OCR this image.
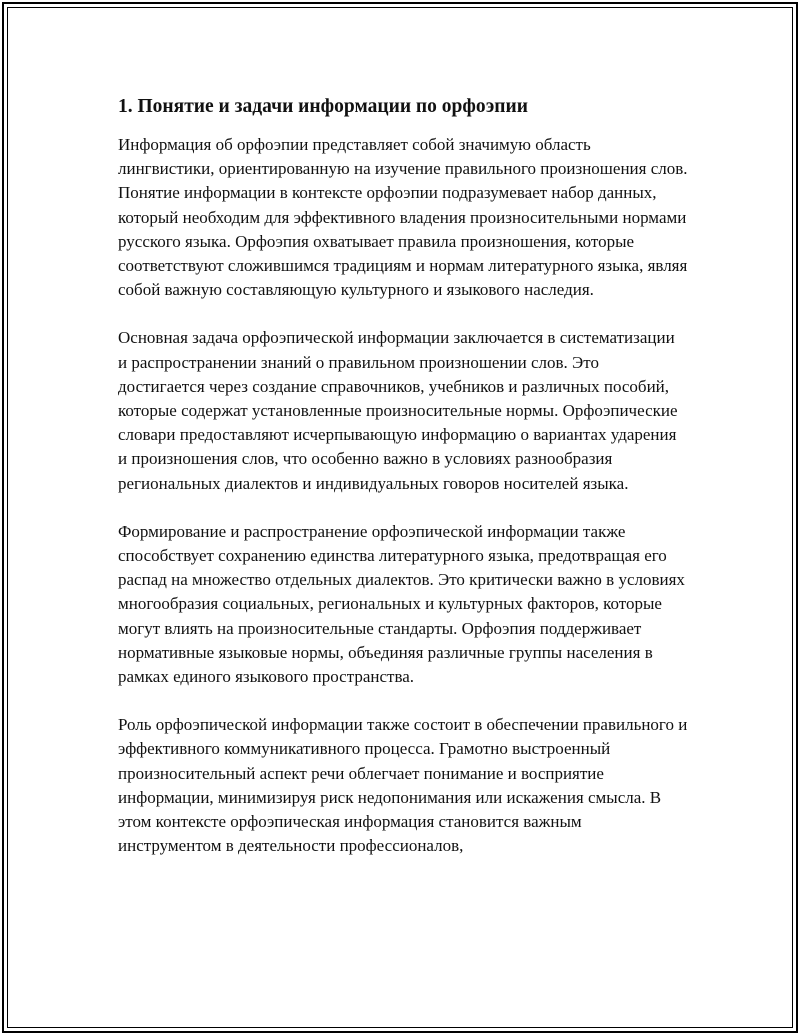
1. Понятие и задачи информации по орфоэпии

Информация об орфоэпии представляет собой значимую область лингвистики, ориентированную на изучение правильного произношения слов. Понятие информации в контексте орфоэпии подразумевает набор данных, который необходим для эффективного владения произносительными нормами русского языка. Орфоэпия охватывает правила произношения, которые соответствуют сложившимся традициям и нормам литературного языка, являя собой важную составляющую культурного и языкового наследия.

Основная задача орфоэпической информации заключается в систематизации и распространении знаний о правильном произношении слов. Это достигается через создание справочников, учебников и различных пособий, которые содержат установленные произносительные нормы. Орфоэпические словари предоставляют исчерпывающую информацию о вариантах ударения и произношения слов, что особенно важно в условиях разнообразия региональных диалектов и индивидуальных говоров носителей языка.

Формирование и распространение орфоэпической информации также способствует сохранению единства литературного языка, предотвращая его распад на множество отдельных диалектов. Это критически важно в условиях многообразия социальных, региональных и культурных факторов, которые могут влиять на произносительные стандарты. Орфоэпия поддерживает нормативные языковые нормы, объединяя различные группы населения в рамках единого языкового пространства.

Роль орфоэпической информации также состоит в обеспечении правильного и эффективного коммуникативного процесса. Грамотно выстроенный произносительный аспект речи облегчает понимание и восприятие информации, минимизируя риск недопонимания или искажения смысла. В этом контексте орфоэпическая информация становится важным инструментом в деятельности профессионалов,
